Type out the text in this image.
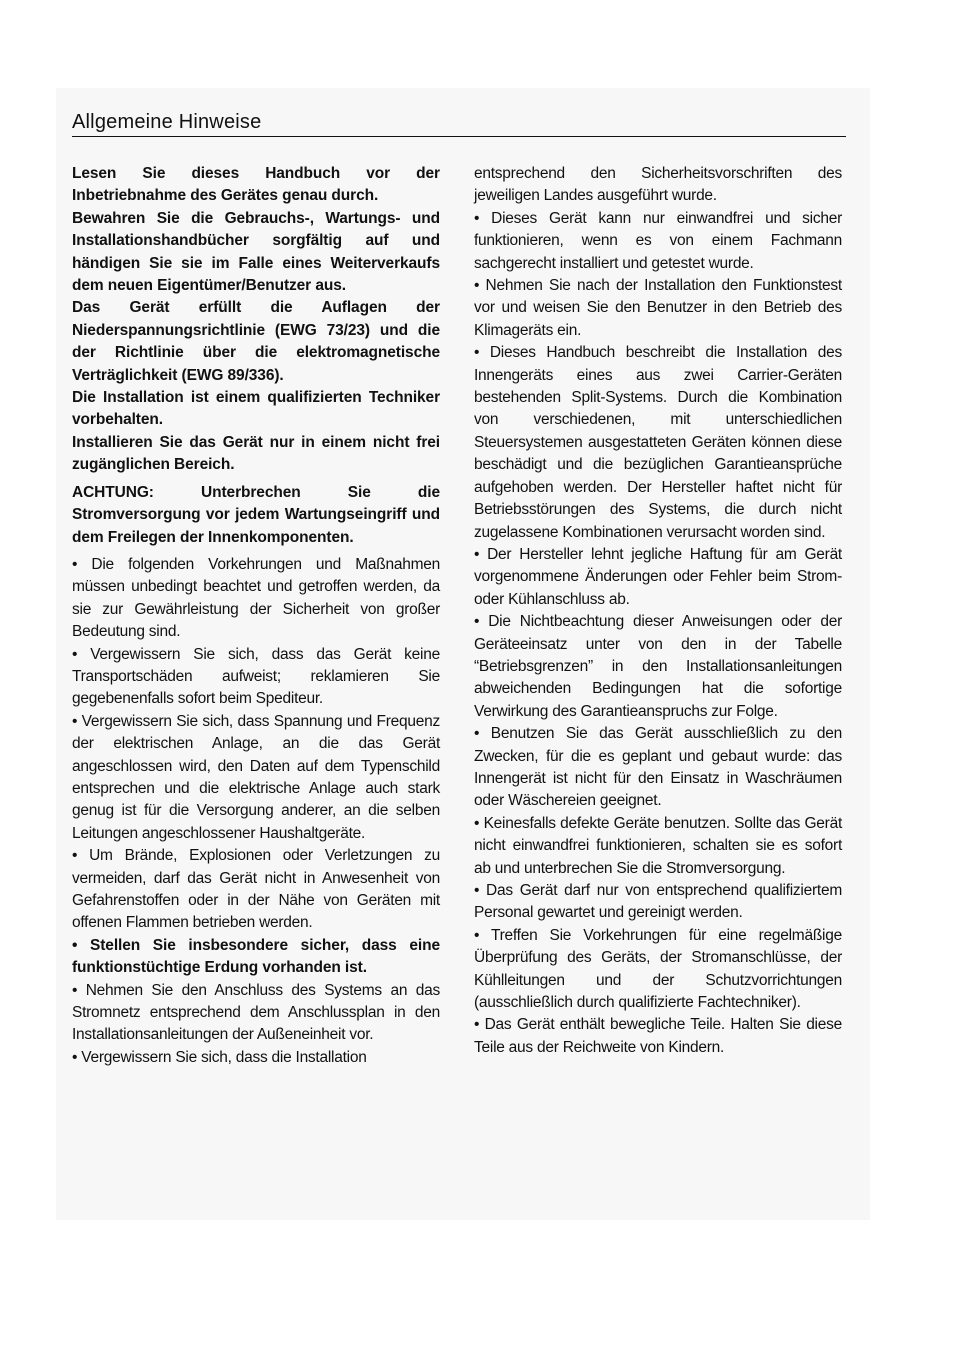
Allgemeine Hinweise

Lesen Sie dieses Handbuch vor der Inbetriebnahme des Gerätes genau durch.

Bewahren Sie die Gebrauchs-, Wartungs- und Installationshandbücher sorgfältig auf und händigen Sie sie im Falle eines Weiterverkaufs dem neuen Eigentümer/Benutzer aus.

Das Gerät erfüllt die Auflagen der Niederspannungsrichtlinie (EWG 73/23) und die der Richtlinie über die elektromagnetische Verträglichkeit (EWG 89/336).

Die Installation ist einem qualifizierten Techniker vorbehalten.

Installieren Sie das Gerät nur in einem nicht frei zugänglichen Bereich.

ACHTUNG: Unterbrechen Sie die Stromversorgung vor jedem Wartungseingriff und dem Freilegen der Innenkomponenten.

• Die folgenden Vorkehrungen und Maßnahmen müssen unbedingt beachtet und getroffen werden, da sie zur Gewährleistung der Sicherheit von großer Bedeutung sind.

• Vergewissern Sie sich, dass das Gerät keine Transportschäden aufweist; reklamieren Sie gegebenenfalls sofort beim Spediteur.

• Vergewissern Sie sich, dass Spannung und Frequenz der elektrischen Anlage, an die das Gerät angeschlossen wird, den Daten auf dem Typenschild entsprechen und die elektrische Anlage auch stark genug ist für die Versorgung anderer, an die selben Leitungen angeschlossener Haushaltgeräte.

• Um Brände, Explosionen oder Verletzungen zu vermeiden, darf das Gerät nicht in Anwesenheit von Gefahrenstoffen oder in der Nähe von Geräten mit offenen Flammen betrieben werden.

• Stellen Sie insbesondere sicher, dass eine funktionstüchtige Erdung vorhanden ist.

• Nehmen Sie den Anschluss des Systems an das Stromnetz entsprechend dem Anschlussplan in den Installationsanleitungen der Außeneinheit vor.

• Vergewissern Sie sich, dass die Installation

entsprechend den Sicherheitsvorschriften des jeweiligen Landes ausgeführt wurde.

• Dieses Gerät kann nur einwandfrei und sicher funktionieren, wenn es von einem Fachmann sachgerecht installiert und getestet wurde.

• Nehmen Sie nach der Installation den Funktionstest vor und weisen Sie den Benutzer in den Betrieb des Klimageräts ein.

• Dieses Handbuch beschreibt die Installation des Innengeräts eines aus zwei Carrier-Geräten bestehenden Split-Systems. Durch die Kombination von verschiedenen, mit unterschiedlichen Steuersystemen ausgestatteten Geräten können diese beschädigt und die bezüglichen Garantieansprüche aufgehoben werden. Der Hersteller haftet nicht für Betriebsstörungen des Systems, die durch nicht zugelassene Kombinationen verursacht worden sind.

• Der Hersteller lehnt jegliche Haftung für am Gerät vorgenommene Änderungen oder Fehler beim Strom- oder Kühlanschluss ab.

• Die Nichtbeachtung dieser Anweisungen oder der Geräteeinsatz unter von den in der Tabelle “Betriebsgrenzen” in den Installationsanleitungen abweichenden Bedingungen hat die sofortige Verwirkung des Garantieanspruchs zur Folge.

• Benutzen Sie das Gerät ausschließlich zu den Zwecken, für die es geplant und gebaut wurde: das Innengerät ist nicht für den Einsatz in Waschräumen oder Wäschereien geeignet.

• Keinesfalls defekte Geräte benutzen. Sollte das Gerät nicht einwandfrei funktionieren, schalten sie es sofort ab und unterbrechen Sie die Stromversorgung.

• Das Gerät darf nur von entsprechend qualifiziertem Personal gewartet und gereinigt werden.

• Treffen Sie Vorkehrungen für eine regelmäßige Überprüfung des Geräts, der Stromanschlüsse, der Kühlleitungen und der Schutzvorrichtungen (ausschließlich durch qualifizierte Fachtechniker).

• Das Gerät enthält bewegliche Teile. Halten Sie diese Teile aus der Reichweite von Kindern.
